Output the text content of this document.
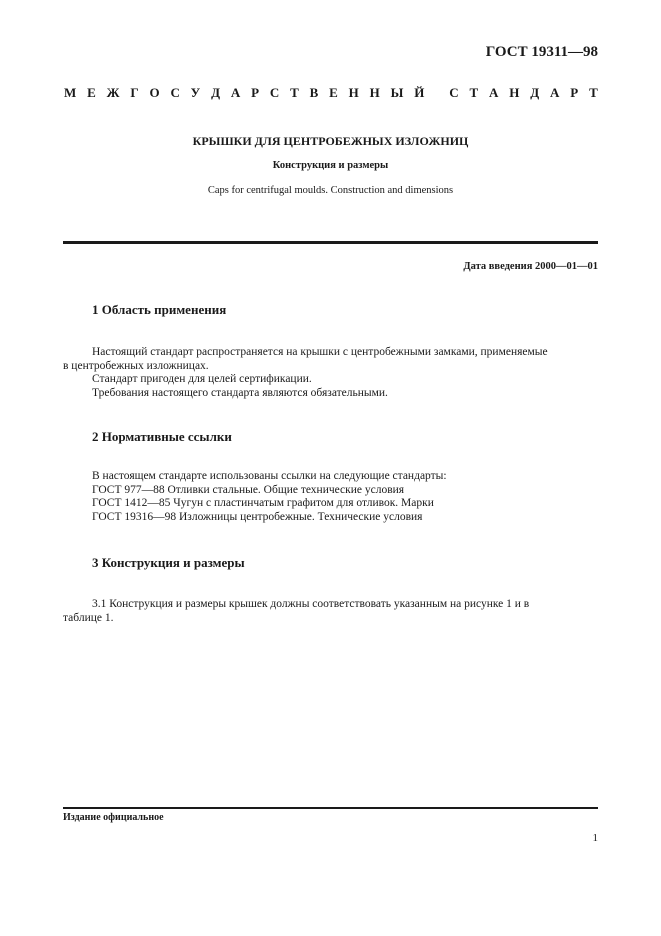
ГОСТ 19311—98
М Е Ж Г О С У Д А Р С Т В Е Н Н Ы Й
С Т А Н Д А Р Т
КРЫШКИ ДЛЯ ЦЕНТРОБЕЖНЫХ ИЗЛОЖНИЦ
Конструкция и размеры
Caps for centrifugal moulds. Construction and dimensions
Дата введения 2000—01—01
1 Область применения
Настоящий стандарт распространяется на крышки с центробежными замками, применяемые
в центробежных изложницах.
Стандарт пригоден для целей сертификации.
Требования настоящего стандарта являются обязательными.
2 Нормативные ссылки
В настоящем стандарте использованы ссылки на следующие стандарты:
ГОСТ 977—88 Отливки стальные. Общие технические условия
ГОСТ 1412—85 Чугун с пластинчатым графитом для отливок. Марки
ГОСТ 19316—98 Изложницы центробежные. Технические условия
3 Конструкция и размеры
3.1 Конструкция и размеры крышек должны соответствовать указанным на рисунке 1 и в
таблице 1.
Издание официальное
1
